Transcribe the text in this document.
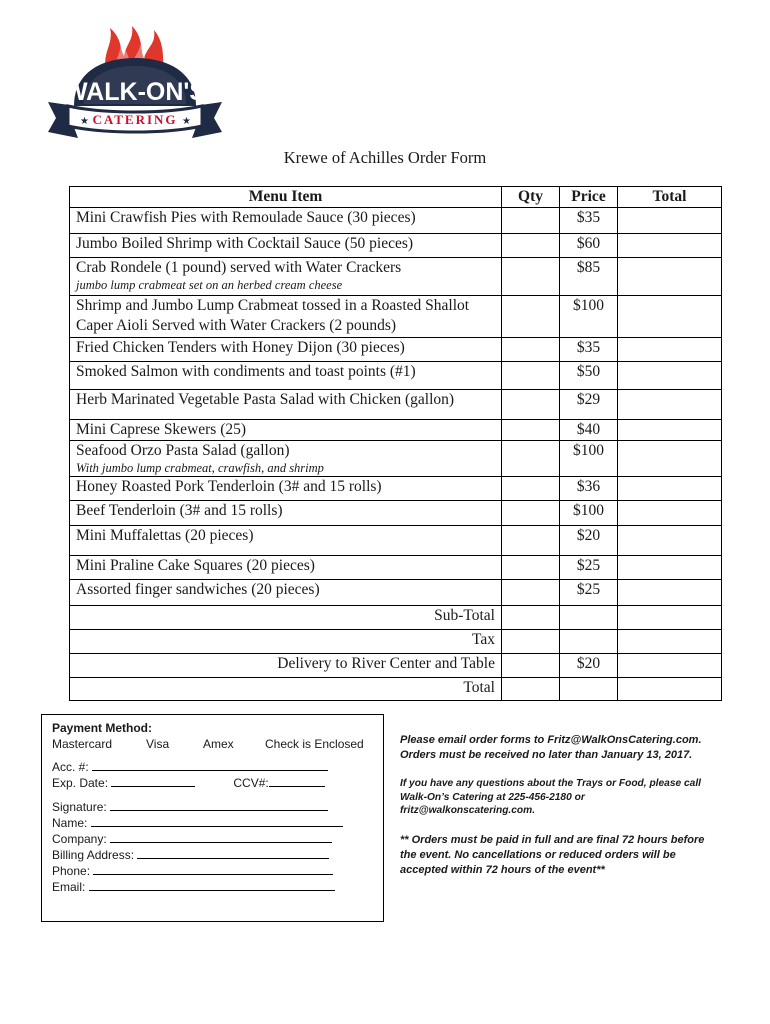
WALK-ON'S
CATERING
★	★
Krewe of Achilles Order Form
Menu Item	Qty	Price	Total
Mini Crawfish Pies with Remoulade Sauce (30 pieces)		$35	
Jumbo Boiled Shrimp with Cocktail Sauce (50 pieces)		$60	
Crab Rondele (1 pound) served with Water Crackers
jumbo lump crabmeat set on an herbed cream cheese		$85	
Shrimp and Jumbo Lump Crabmeat tossed in a Roasted Shallot Caper Aioli Served with Water Crackers (2 pounds)		$100	
Fried Chicken Tenders with Honey Dijon (30 pieces)		$35	
Smoked Salmon with condiments and toast points (#1)		$50	
Herb Marinated Vegetable Pasta Salad with Chicken (gallon)		$29	
Mini Caprese Skewers (25)		$40	
Seafood Orzo Pasta Salad (gallon)
With jumbo lump crabmeat, crawfish, and shrimp		$100	
Honey Roasted Pork Tenderloin (3# and 15 rolls)		$36	
Beef Tenderloin (3# and 15 rolls)		$100	
Mini Muffalettas (20 pieces)		$20	
Mini Praline Cake Squares (20 pieces)		$25	
Assorted finger sandwiches (20 pieces)		$25	
Sub-Total			
Tax			
Delivery to River Center and Table		$20	
Total			
Payment Method:
Mastercard	Visa	Amex	Check is Enclosed
Acc. #:
Exp. Date:	CCV#:
Signature:
Name:
Company:
Billing Address:
Phone:
Email:
Please email order forms to Fritz@WalkOnsCatering.com.
Orders must be received no later than January 13, 2017.
If you have any questions about the Trays or Food, please call
Walk-On’s Catering at 225-456-2180 or
fritz@walkonscatering.com.
** Orders must be paid in full and are final 72 hours before
the event. No cancellations or reduced orders will be
accepted within 72 hours of the event**
